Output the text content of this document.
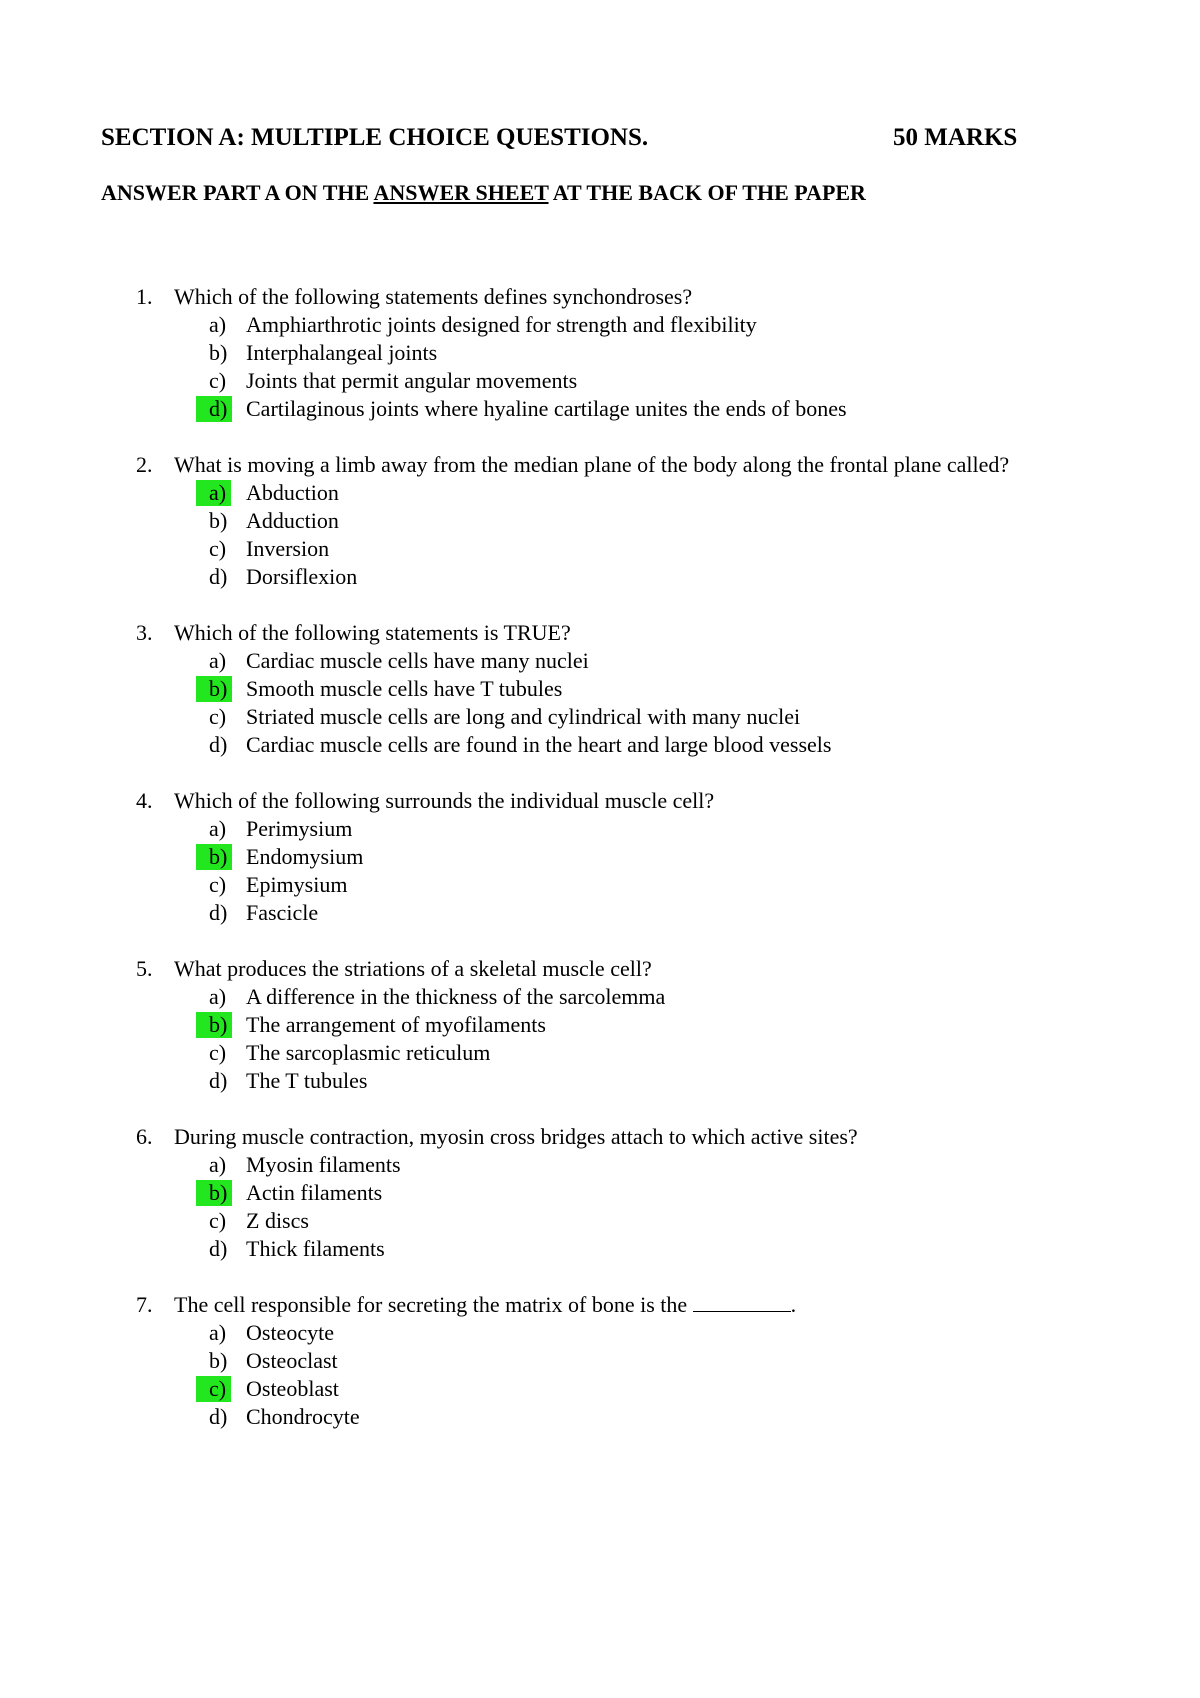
SECTION A: MULTIPLE CHOICE QUESTIONS.	50 MARKS
ANSWER PART A ON THE ANSWER SHEET AT THE BACK OF THE PAPER
1. Which of the following statements defines synchondroses?
a) Amphiarthrotic joints designed for strength and flexibility
b) Interphalangeal joints
c) Joints that permit angular movements
d) Cartilaginous joints where hyaline cartilage unites the ends of bones
2. What is moving a limb away from the median plane of the body along the frontal plane called?
a) Abduction
b) Adduction
c) Inversion
d) Dorsiflexion
3. Which of the following statements is TRUE?
a) Cardiac muscle cells have many nuclei
b) Smooth muscle cells have T tubules
c) Striated muscle cells are long and cylindrical with many nuclei
d) Cardiac muscle cells are found in the heart and large blood vessels
4. Which of the following surrounds the individual muscle cell?
a) Perimysium
b) Endomysium
c) Epimysium
d) Fascicle
5. What produces the striations of a skeletal muscle cell?
a) A difference in the thickness of the sarcolemma
b) The arrangement of myofilaments
c) The sarcoplasmic reticulum
d) The T tubules
6. During muscle contraction, myosin cross bridges attach to which active sites?
a) Myosin filaments
b) Actin filaments
c) Z discs
d) Thick filaments
7. The cell responsible for secreting the matrix of bone is the	.
a) Osteocyte
b) Osteoclast
c) Osteoblast
d) Chondrocyte
